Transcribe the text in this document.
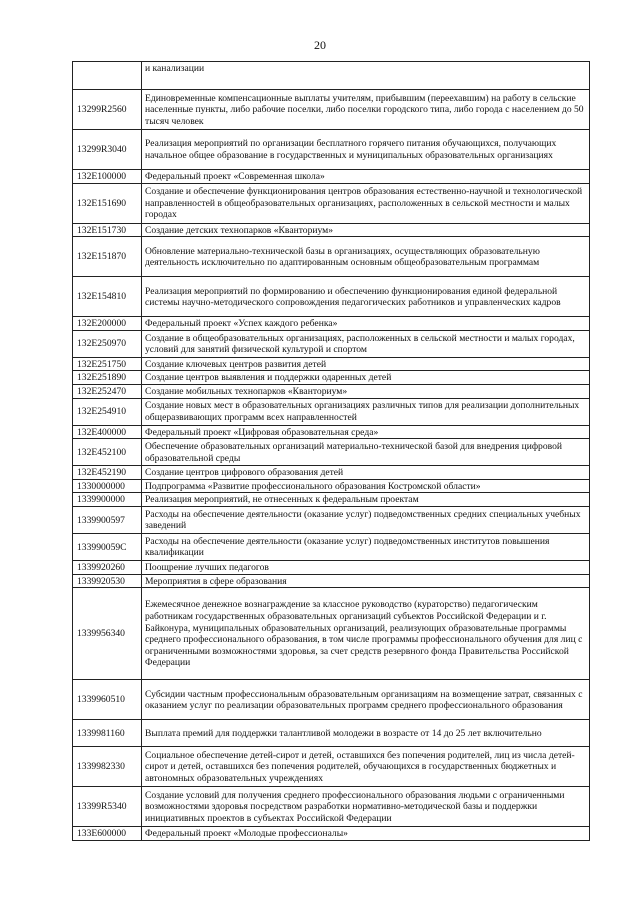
20
	и канализации
13299R2560	Единовременные компенсационные выплаты учителям, прибывшим (переехавшим) на работу в сельские населенные пункты, либо рабочие поселки, либо поселки городского типа, либо города с населением до 50 тысяч человек
13299R3040	Реализация мероприятий по организации бесплатного горячего питания обучающихся, получающих начальное общее образование в государственных и муниципальных образовательных организациях
132E100000	Федеральный проект «Современная школа»
132E151690	Создание и обеспечение функционирования центров образования естественно-научной и технологической направленностей в общеобразовательных организациях, расположенных в сельской местности и малых городах
132E151730	Создание детских технопарков «Кванториум»
132E151870	Обновление материально-технической базы в организациях, осуществляющих образовательную деятельность исключительно по адаптированным основным общеобразовательным программам
132E154810	Реализация мероприятий по формированию и обеспечению функционирования единой федеральной системы научно-методического сопровождения педагогических работников и управленческих кадров
132E200000	Федеральный проект «Успех каждого ребенка»
132E250970	Создание в общеобразовательных организациях, расположенных в сельской местности и малых городах, условий для занятий физической культурой и спортом
132E251750	Создание ключевых центров развития детей
132E251890	Создание центров выявления и поддержки одаренных детей
132E252470	Создание мобильных технопарков «Кванториум»
132E254910	Создание новых мест в образовательных организациях различных типов для реализации дополнительных общеразвивающих программ всех направленностей
132E400000	Федеральный проект «Цифровая образовательная среда»
132E452100	Обеспечение образовательных организаций материально-технической базой для внедрения цифровой образовательной среды
132E452190	Создание центров цифрового образования детей
1330000000	Подпрограмма «Развитие профессионального образования Костромской области»
1339900000	Реализация мероприятий, не отнесенных к федеральным проектам
1339900597	Расходы на обеспечение деятельности (оказание услуг) подведомственных средних специальных учебных заведений
133990059С	Расходы на обеспечение деятельности (оказание услуг) подведомственных институтов повышения квалификации
1339920260	Поощрение лучших педагогов
1339920530	Мероприятия в сфере образования
1339956340	Ежемесячное денежное вознаграждение за классное руководство (кураторство) педагогическим работникам государственных образовательных организаций субъектов Российской Федерации и г. Байконура, муниципальных образовательных организаций, реализующих образовательные программы среднего профессионального образования, в том числе программы профессионального обучения для лиц с ограниченными возможностями здоровья, за счет средств резервного фонда Правительства Российской Федерации
1339960510	Субсидии частным профессиональным образовательным организациям на возмещение затрат, связанных с оказанием услуг по реализации образовательных программ среднего профессионального образования
1339981160	Выплата премий для поддержки талантливой молодежи в возрасте от 14 до 25 лет включительно
1339982330	Социальное обеспечение детей-сирот и детей, оставшихся без попечения родителей, лиц из числа детей-сирот и детей, оставшихся без попечения родителей, обучающихся в государственных бюджетных и автономных образовательных учреждениях
13399R5340	Создание условий для получения среднего профессионального образования людьми с ограниченными возможностями здоровья посредством разработки нормативно-методической базы и поддержки инициативных проектов в субъектах Российской Федерации
133E600000	Федеральный проект «Молодые профессионалы»
